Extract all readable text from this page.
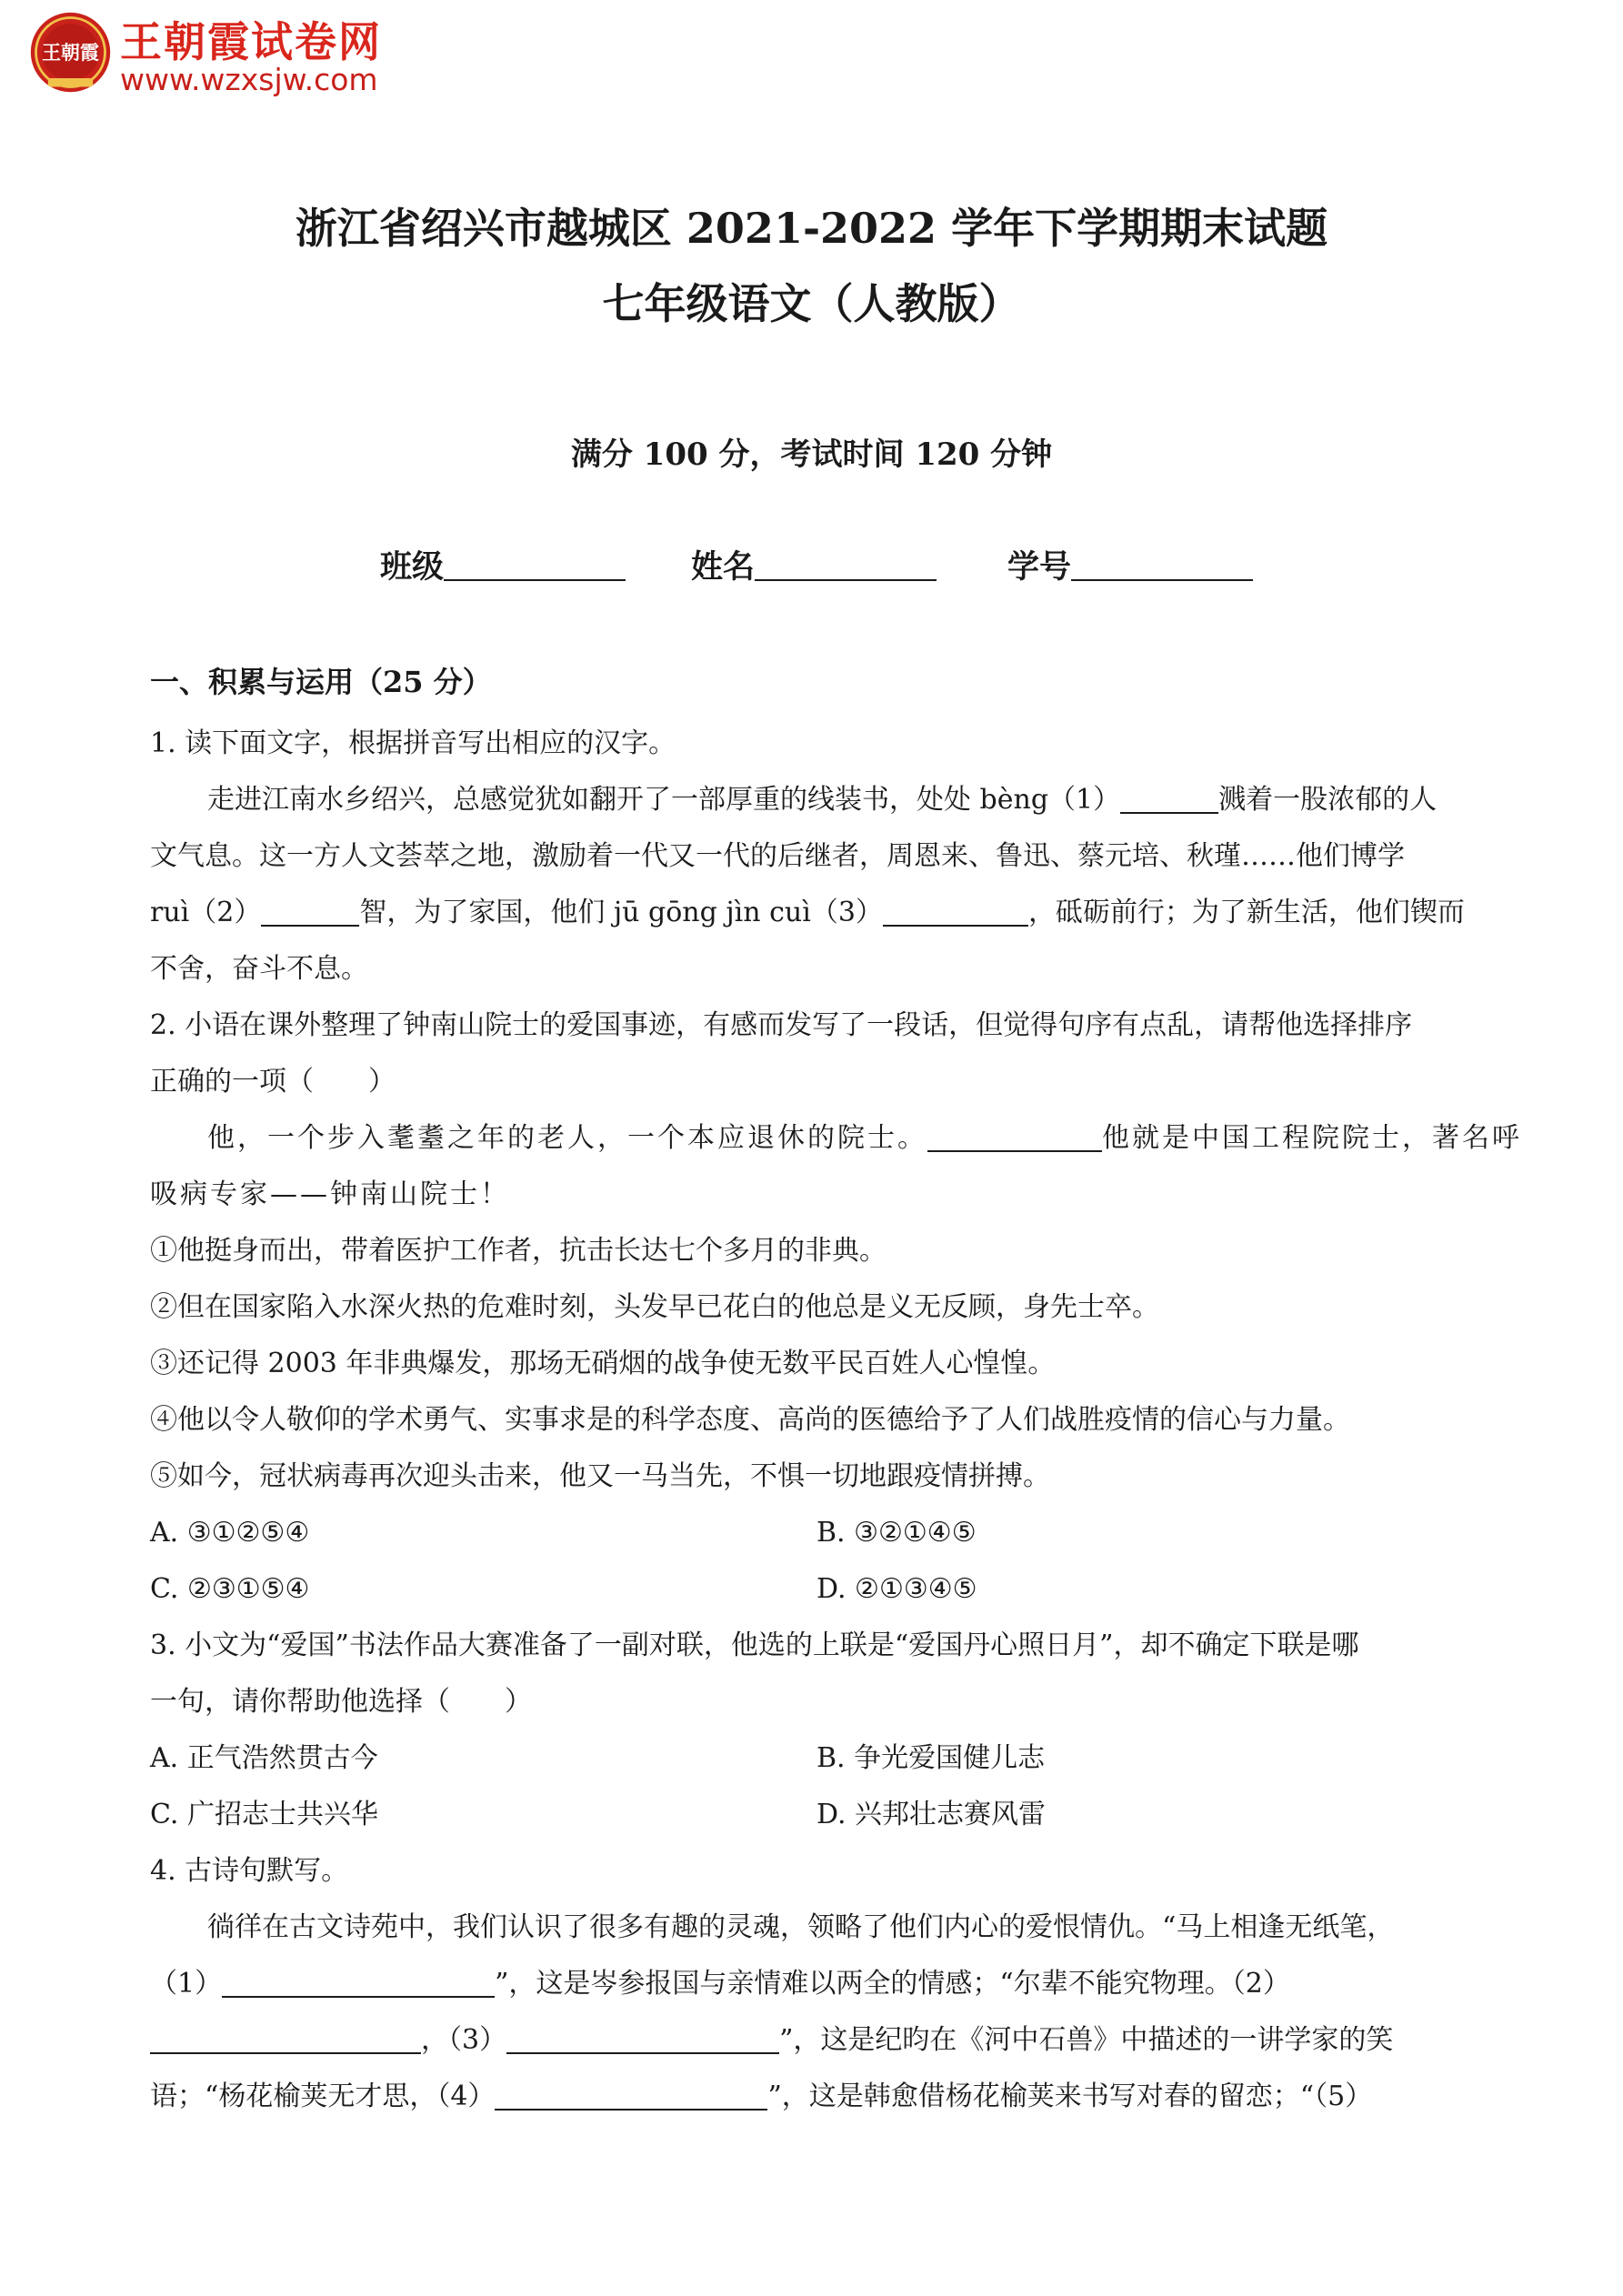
王朝霞 王朝霞试卷网
www.wzxsjw.com
浙江省绍兴市越城区 2021-2022 学年下学期期末试题
七年级语文（人教版）
满分 100 分，考试时间 120 分钟
班级	姓名	学号
一、积累与运用（25 分）
1. 读下面文字，根据拼音写出相应的汉字。
走进江南水乡绍兴，总感觉犹如翻开了一部厚重的线装书，处处 bèng（1）	溅着一股浓郁的人
文气息。这一方人文荟萃之地，激励着一代又一代的后继者，周恩来、鲁迅、蔡元培、秋瑾……他们博学
ruì（2）	智，为了家国，他们 jū gōng jìn cuì（3）	，砥砺前行；为了新生活，他们锲而
不舍，奋斗不息。
2. 小语在课外整理了钟南山院士的爱国事迹，有感而发写了一段话，但觉得句序有点乱，请帮他选择排序
正确的一项（　　）
他，一个步入耄耋之年的老人，一个本应退休的院士。	他就是中国工程院院士，著名呼
吸病专家——钟南山院士！
①他挺身而出，带着医护工作者，抗击长达七个多月的非典。
②但在国家陷入水深火热的危难时刻，头发早已花白的他总是义无反顾，身先士卒。
③还记得 2003 年非典爆发，那场无硝烟的战争使无数平民百姓人心惶惶。
④他以令人敬仰的学术勇气、实事求是的科学态度、高尚的医德给予了人们战胜疫情的信心与力量。
⑤如今，冠状病毒再次迎头击来，他又一马当先，不惧一切地跟疫情拼搏。
A. ③①②⑤④	B. ③②①④⑤
C. ②③①⑤④	D. ②①③④⑤
3. 小文为“爱国”书法作品大赛准备了一副对联，他选的上联是“爱国丹心照日月”，却不确定下联是哪
一句，请你帮助他选择（　　）
A. 正气浩然贯古今	B. 争光爱国健儿志
C. 广招志士共兴华	D. 兴邦壮志赛风雷
4. 古诗句默写。
徜徉在古文诗苑中，我们认识了很多有趣的灵魂，领略了他们内心的爱恨情仇。“马上相逢无纸笔，
（1）	”，这是岑参报国与亲情难以两全的情感；“尔辈不能究物理。（2）
，（3）	”，这是纪昀在《河中石兽》中描述的一讲学家的笑
语；“杨花榆荚无才思，（4）	”，这是韩愈借杨花榆荚来书写对春的留恋；“（5）
